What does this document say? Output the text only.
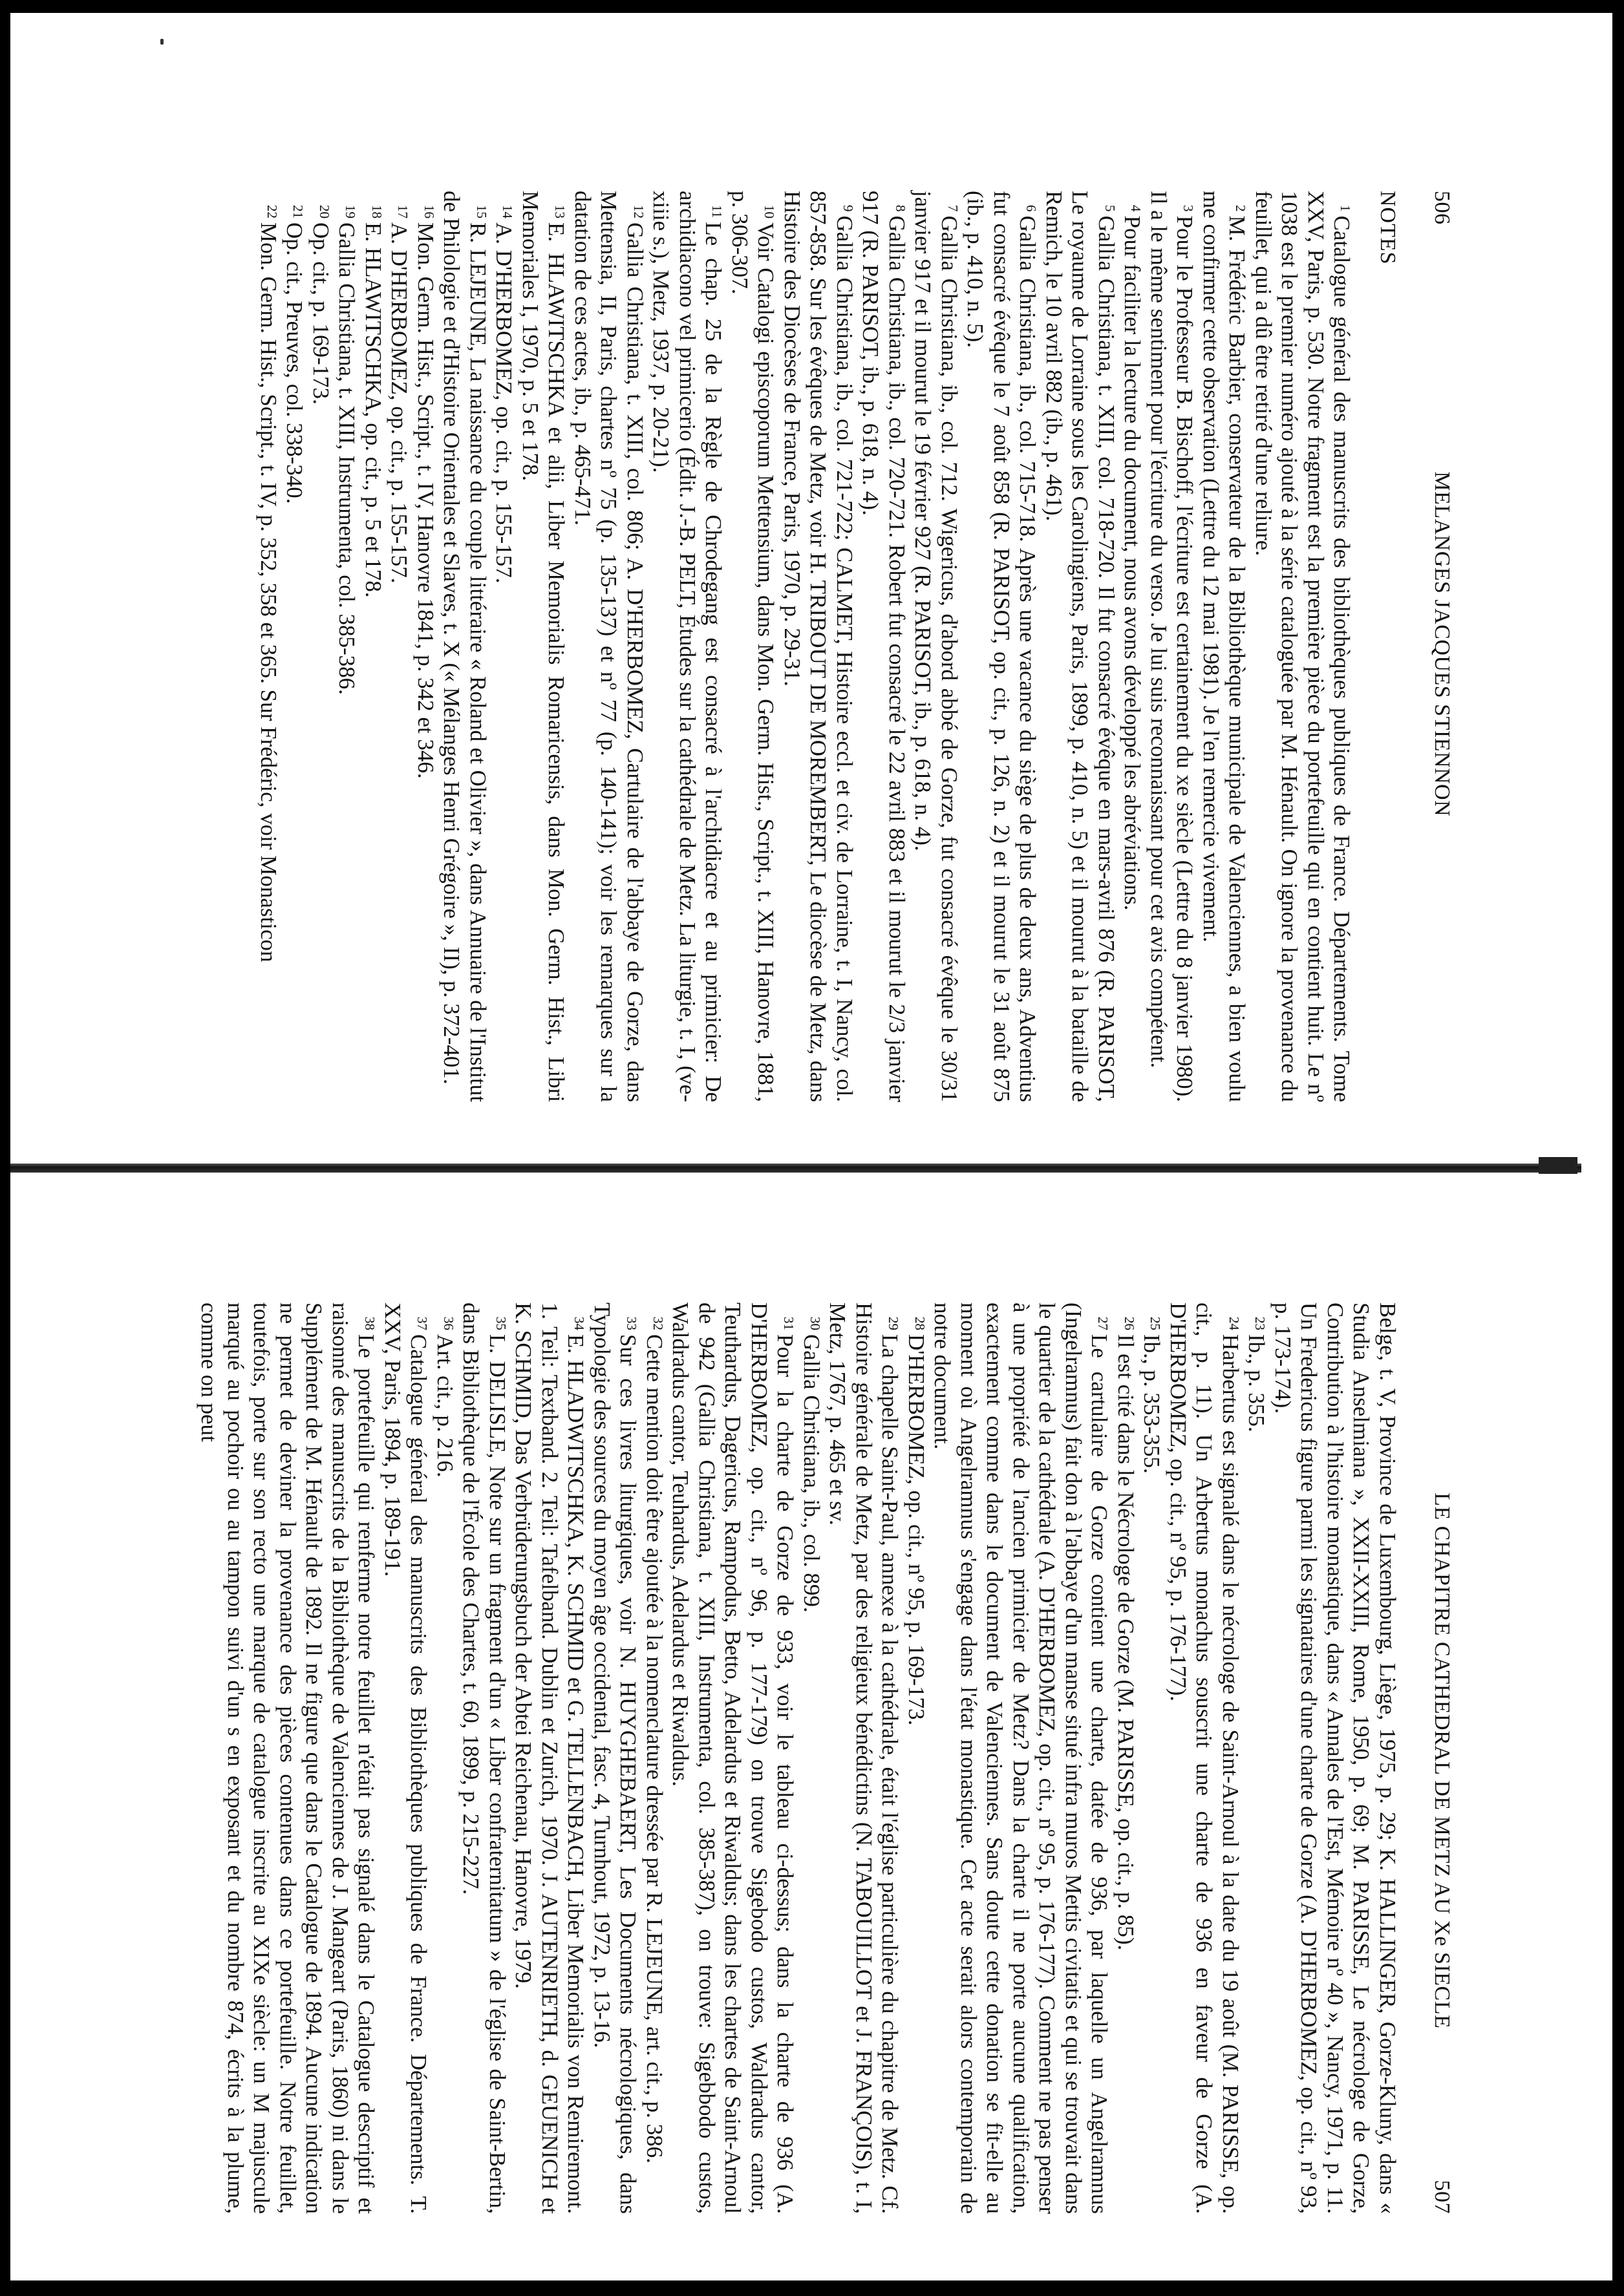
506
MELANGES JACQUES STIENNON
NOTES

$^1$Catalogue général des manuscrits des bibliothèques publiques de France. Départements. Tome XXV, Paris, p. 530. Notre fragment est la première pièce du portefeuille qui en contient huit. Le nº 1038 est le premier numéro ajouté à la série cataloguée par M. Hénault. On ignore la provenance du feuillet, qui a dû être retiré d'une reliure.

$^2$M. Frédéric Barbier, conservateur de la Bibliothèque municipale de Valenciennes, a bien voulu me confirmer cette observation (Lettre du 12 mai 1981). Je l'en remercie vivement.

$^3$Pour le Professeur B. Bischoff, l'écriture est certainement du xe siècle (Lettre du 8 janvier 1980). Il a le même sentiment pour l'écriture du verso. Je lui suis reconnaissant pour cet avis compétent.

$^4$Pour faciliter la lecture du document, nous avons développé les abréviations.

$^5$Gallia Christiana, t. XIII, col. 718-720. Il fut consacré évêque en mars-avril 876 (R. PARISOT, Le royaume de Lorraine sous les Carolingiens, Paris, 1899, p. 410, n. 5) et il mourut à la bataille de Remich, le 10 avril 882 (ib., p. 461).

$^6$Gallia Christiana, ib., col. 715-718. Après une vacance du siège de plus de deux ans, Adventius fut consacré évêque le 7 août 858 (R. PARISOT, op. cit., p. 126, n. 2) et il mourut le 31 août 875 (ib., p. 410, n. 5).

$^7$Gallia Christiana, ib., col. 712. Wigericus, d'abord abbé de Gorze, fut consacré évêque le 30/31 janvier 917 et il mourut le 19 février 927 (R. PARISOT, ib., p. 618, n. 4).

$^8$Gallia Christiana, ib., col. 720-721. Robert fut consacré le 22 avril 883 et il mourut le 2/3 janvier 917 (R. PARISOT, ib., p. 618, n. 4).

$^9$Gallia Christiana, ib., col. 721-722; CALMET, Histoire eccl. et civ. de Lorraine, t. I, Nancy, col. 857-858. Sur les évêques de Metz, voir H. TRIBOUT DE MOREMBERT, Le diocèse de Metz, dans Histoire des Diocèses de France, Paris, 1970, p. 29-31.

$^{10}$Voir Catalogi episcoporum Mettensium, dans Mon. Germ. Hist., Script., t. XIII, Hanovre, 1881, p. 306-307.

$^{11}$Le chap. 25 de la Règle de Chrodegang est consacré à l'archidiacre et au primicier: De archidiacono vel primicerio (Édit. J.-B. PELT, Études sur la cathédrale de Metz. La liturgie, t. I, (ve-xiiie s.), Metz, 1937, p. 20-21).

$^{12}$Gallia Christiana, t. XIII, col. 806; A. D'HERBOMEZ, Cartulaire de l'abbaye de Gorze, dans Mettensia, II, Paris, chartes nº 75 (p. 135-137) et nº 77 (p. 140-141); voir les remarques sur la datation de ces actes, ib., p. 465-471.

$^{13}$E. HLAWITSCHKA et alii, Liber Memorialis Romaricensis, dans Mon. Germ. Hist., Libri Memoriales I, 1970, p. 5 et 178.

$^{14}$A. D'HERBOMEZ, op. cit., p. 155-157.

$^{15}$R. LEJEUNE, La naissance du couple littéraire « Roland et Olivier », dans Annuaire de l'Institut de Philologie et d'Histoire Orientales et Slaves, t. X (« Mélanges Henri Grégoire », II), p. 372-401.

$^{16}$Mon. Germ. Hist., Script., t. IV, Hanovre 1841, p. 342 et 346.

$^{17}$A. D'HERBOMEZ, op. cit., p. 155-157.

$^{18}$E. HLAWITSCHKA, op. cit., p. 5 et 178.

$^{19}$Gallia Christiana, t. XIII, Instrumenta, col. 385-386.

$^{20}$Op. cit., p. 169-173.

$^{21}$Op. cit., Preuves, col. 338-340.

$^{22}$Mon. Germ. Hist., Script., t. IV, p. 352, 358 et 365. Sur Frédéric, voir Monasticon

LE CHAPITRE CATHEDRAL DE METZ AU Xe SIECLE
507

Belge, t. V, Province de Luxembourg, Liège, 1975, p. 29; K. HALLINGER, Gorze-Kluny, dans « Studia Anselmiana », XXII-XXIII, Rome, 1950, p. 69; M. PARISSE, Le nécrologe de Gorze, Contribution à l'histoire monastique, dans « Annales de l'Est, Mémoire nº 40 », Nancy, 1971, p. 11. Un Fredericus figure parmi les signataires d'une charte de Gorze (A. D'HERBOMEZ, op. cit., nº 93, p. 173-174).

$^{23}$Ib., p. 355.

$^{24}$Harbertus est signalé dans le nécrologe de Saint-Arnoul à la date du 19 août (M. PARISSE, op. cit., p. 11). Un Arbertus monachus souscrit une charte de 936 en faveur de Gorze (A. D'HERBOMEZ, op. cit., nº 95, p. 176-177).

$^{25}$Ib., p. 353-355.

$^{26}$Il est cité dans le Nécrologe de Gorze (M. PARISSE, op. cit., p. 85).

$^{27}$Le cartulaire de Gorze contient une charte, datée de 936, par laquelle un Angelramnus (Ingelramnus) fait don à l'abbaye d'un manse situé infra muros Mettis civitatis et qui se trouvait dans le quartier de la cathédrale (A. D'HERBOMEZ, op. cit., nº 95, p. 176-177). Comment ne pas penser à une propriété de l'ancien primicier de Metz? Dans la charte il ne porte aucune qualification, exactement comme dans le document de Valenciennes. Sans doute cette donation se fit-elle au moment où Angelramnus s'engage dans l'état monastique. Cet acte serait alors contemporain de notre document.

$^{28}$D'HERBOMEZ, op. cit., nº 95, p. 169-173.

$^{29}$La chapelle Saint-Paul, annexe à la cathédrale, était l'église particulière du chapitre de Metz. Cf. Histoire générale de Metz, par des religieux bénédictins (N. TABOUILLOT et J. FRANÇOIS), t. I, Metz, 1767, p. 465 et sv.

$^{30}$Gallia Christiana, ib., col. 899.

$^{31}$Pour la charte de Gorze de 933, voir le tableau ci-dessus; dans la charte de 936 (A. D'HERBOMEZ, op. cit., nº 96, p. 177-179) on trouve Sigebodo custos, Waldradus cantor, Teuthardus, Dagericus, Rampodus, Betto, Adelardus et Riwaldus; dans les chartes de Saint-Arnoul de 942 (Gallia Christiana, t. XIII, Instrumenta, col. 385-387), on trouve: Sigebbodo custos, Waldradus cantor, Teuhardus, Adelardus et Riwaldus.

$^{32}$Cette mention doit être ajoutée à la nomenclature dressée par R. LEJEUNE, art. cit., p. 386.

$^{33}$Sur ces livres liturgiques, voir N. HUYGHEBAERT, Les Documents nécrologiques, dans Typologie des sources du moyen âge occidental, fasc. 4, Turnhout, 1972, p. 13-16.

$^{34}$E. HLADWITSCHKA, K. SCHMID et G. TELLENBACH, Liber Memorialis von Remiremont. 1. Teil: Textband. 2. Teil: Tafelband. Dublin et Zurich, 1970. J. AUTENRIETH, d. GEUENICH et K. SCHMID, Das Verbrüderungsbuch der Abtei Reichenau, Hanovre, 1979.

$^{35}$L. DELISLE, Note sur un fragment d'un « Liber confraternitatum » de l'église de Saint-Bertin, dans Bibliothèque de l'École des Chartes, t. 60, 1899, p. 215-227.

$^{36}$Art. cit., p. 216.

$^{37}$Catalogue général des manuscrits des Bibliothèques publiques de France. Départements. T. XXV, Paris, 1894, p. 189-191.

$^{38}$Le portefeuille qui renferme notre feuillet n'était pas signalé dans le Catalogue descriptif et raisonné des manuscrits de la Bibliothèque de Valenciennes de J. Mangeart (Paris, 1860) ni dans le Supplément de M. Hénault de 1892. Il ne figure que dans le Catalogue de 1894. Aucune indication ne permet de deviner la provenance des pièces contenues dans ce portefeuille. Notre feuillet, toutefois, porte sur son recto une marque de catalogue inscrite au XIXe siècle: un M majuscule marqué au pochoir ou au tampon suivi d'un s en exposant et du nombre 874, écrits à la plume, comme on peut
